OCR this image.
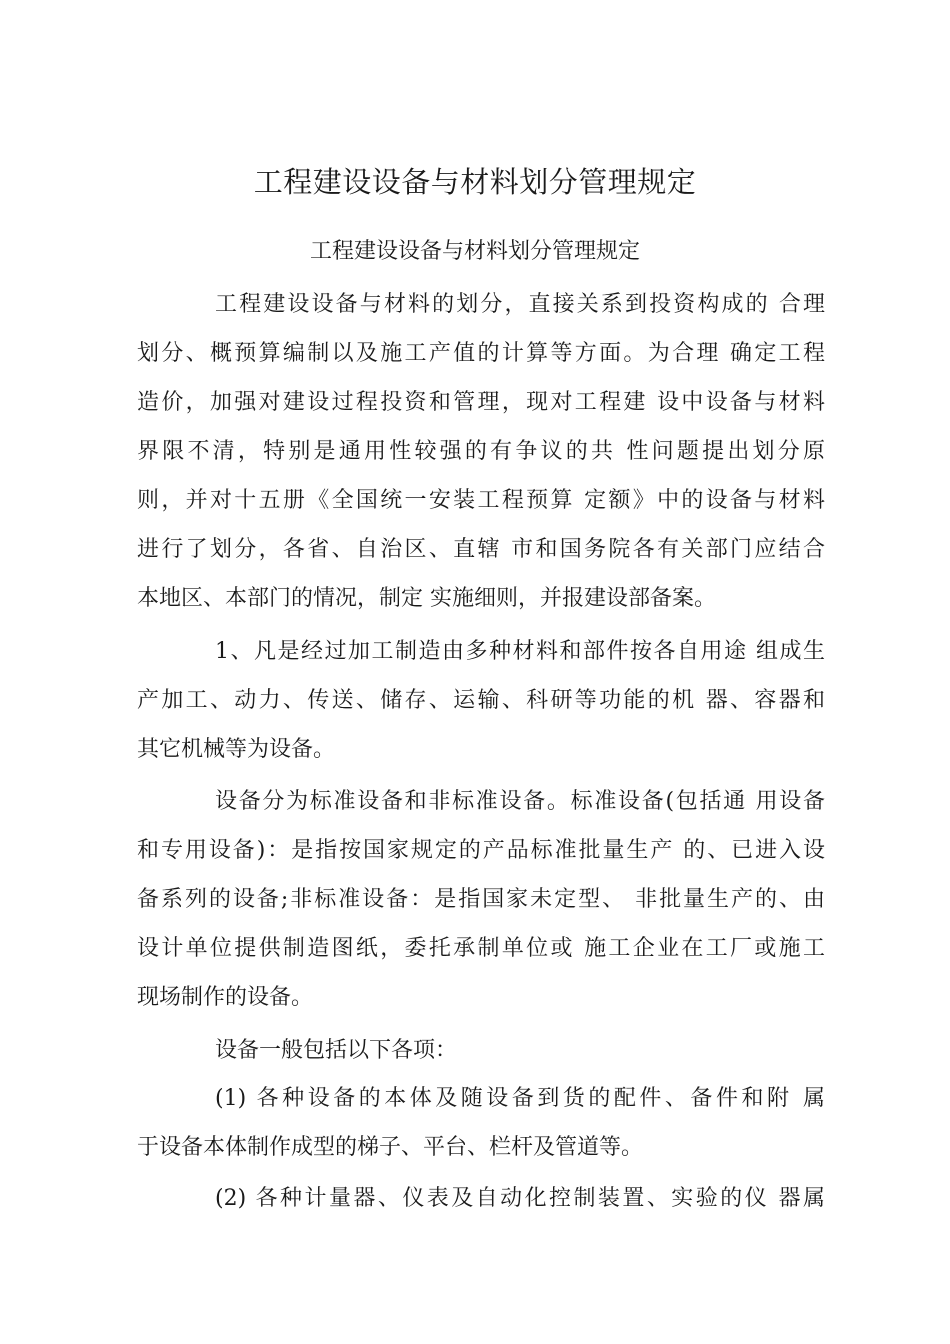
工程建设设备与材料划分管理规定
工程建设设备与材料划分管理规定
工程建设设备与材料的划分，直接关系到投资构成的 合理
划分、概预算编制以及施工产值的计算等方面。为合理 确定工程
造价，加强对建设过程投资和管理，现对工程建 设中设备与材料
界限不清，特别是通用性较强的有争议的共 性问题提出划分原
则，并对十五册《全国统一安装工程预算 定额》中的设备与材料
进行了划分，各省、自治区、直辖 市和国务院各有关部门应结合
本地区、本部门的情况，制定 实施细则，并报建设部备案。
1、凡是经过加工制造由多种材料和部件按各自用途 组成生
产加工、动力、传送、储存、运输、科研等功能的机 器、容器和
其它机械等为设备。
设备分为标准设备和非标准设备。标准设备(包括通 用设备
和专用设备)：是指按国家规定的产品标准批量生产 的、已进入设
备系列的设备;非标准设备：是指国家未定型、 非批量生产的、由
设计单位提供制造图纸，委托承制单位或 施工企业在工厂或施工
现场制作的设备。
设备一般包括以下各项：
(1) 各种设备的本体及随设备到货的配件、备件和附 属
于设备本体制作成型的梯子、平台、栏杆及管道等。
(2) 各种计量器、仪表及自动化控制装置、实验的仪 器属
